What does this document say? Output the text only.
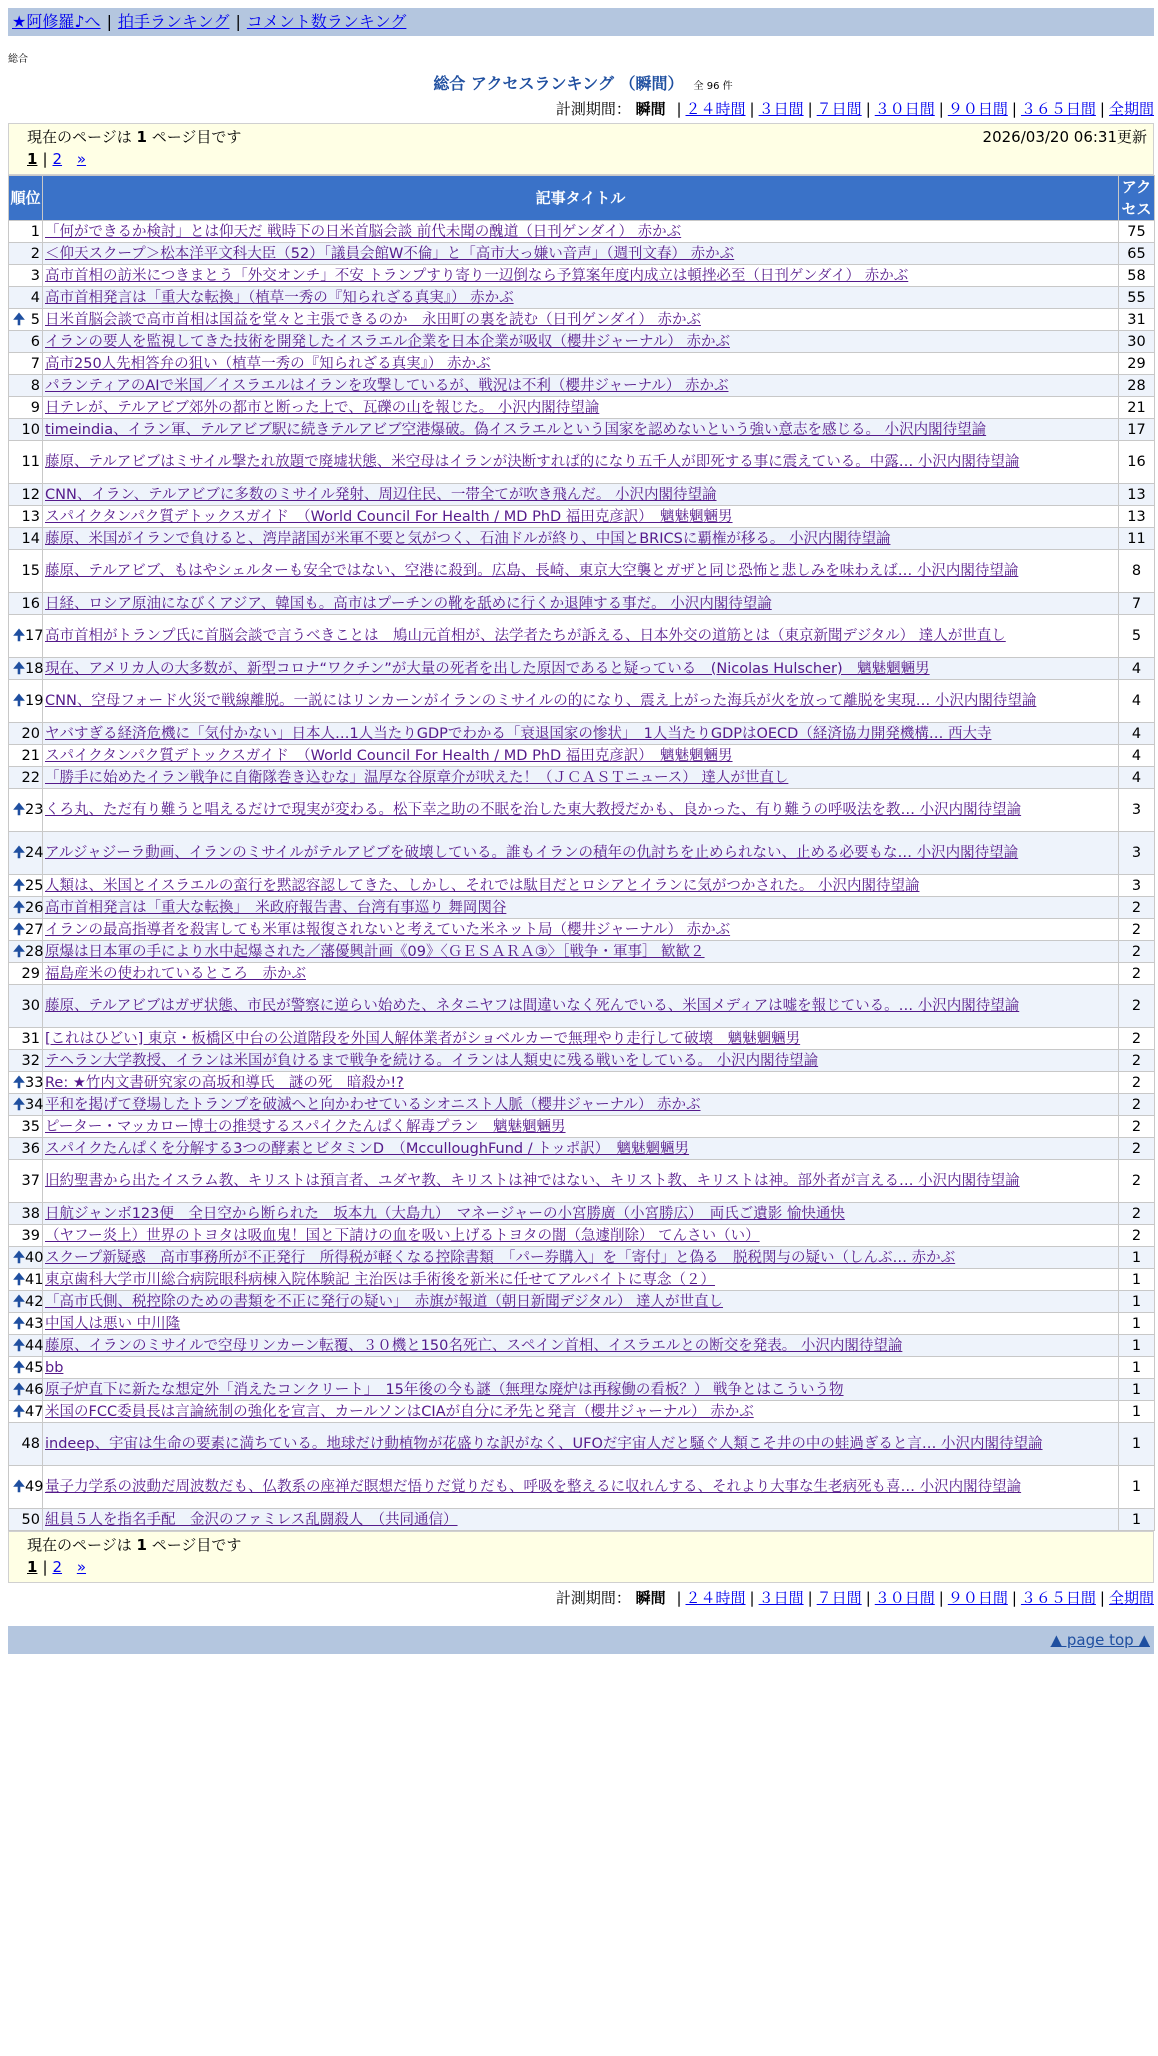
★阿修羅♪へ | 拍手ランキング | コメント数ランキング
総合
総合 アクセスランキング （瞬間） 全 96 件
計測期間： 瞬間 | ２４時間 | ３日間 | ７日間 | ３０日間 | ９０日間 | ３６５日間 | 全期間
現在のページは 1 ページ目です	2026/03/20 06:31更新
1 | 2 »
順位	記事タイトル	アクセス
1	「何ができるか検討」とは仰天だ 戦時下の日米首脳会談 前代未聞の醜道（日刊ゲンダイ） 赤かぶ	75
2	＜仰天スクープ＞松本洋平文科大臣（52）「議員会館W不倫」と「高市大っ嫌い音声」（週刊文春） 赤かぶ	65
3	高市首相の訪米につきまとう「外交オンチ」不安 トランプすり寄り一辺倒なら予算案年度内成立は頓挫必至（日刊ゲンダイ） 赤かぶ	58
4	高市首相発言は「重大な転換」（植草一秀の『知られざる真実』） 赤かぶ	55

🠉 5	日米首脳会談で高市首相は国益を堂々と主張できるのか　永田町の裏を読む（日刊ゲンダイ） 赤かぶ	31
6	イランの要人を監視してきた技術を開発したイスラエル企業を日本企業が吸収（櫻井ジャーナル） 赤かぶ	30
7	高市250人先相答弁の狙い（植草一秀の『知られざる真実』） 赤かぶ	29
8	パランティアのAIで米国／イスラエルはイランを攻撃しているが、戦況は不利（櫻井ジャーナル） 赤かぶ	28
9	日テレが、テルアビブ郊外の都市と断った上で、瓦礫の山を報じた。 小沢内閣待望論	21
10	timeindia、イラン軍、テルアビブ駅に続きテルアビブ空港爆破。偽イスラエルという国家を認めないという強い意志を感じる。 小沢内閣待望論	17
11	藤原、テルアビブはミサイル撃たれ放題で廃墟状態、米空母はイランが決断すれば的になり五千人が即死する事に震えている。中露… 小沢内閣待望論	16
12	CNN、イラン、テルアビブに多数のミサイル発射、周辺住民、一帯全てが吹き飛んだ。 小沢内閣待望論	13
13	スパイクタンパク質デトックスガイド　（World Council For Health / MD PhD 福田克彦訳）　魑魅魍魎男	13
14	藤原、米国がイランで負けると、湾岸諸国が米軍不要と気がつく、石油ドルが終り、中国とBRICSに覇権が移る。 小沢内閣待望論	11
15	藤原、テルアビブ、もはやシェルターも安全ではない、空港に殺到。広島、長崎、東京大空襲とガザと同じ恐怖と悲しみを味わえば… 小沢内閣待望論	8
16	日経、ロシア原油になびくアジア、韓国も。高市はプーチンの靴を舐めに行くか退陣する事だ。 小沢内閣待望論	7

🠉 17	高市首相がトランプ氏に首脳会談で言うべきことは　鳩山元首相が、法学者たちが訴える、日本外交の道筋とは（東京新聞デジタル） 達人が世直し	5

🠉 18	現在、アメリカ人の大多数が、新型コロナ“ワクチン”が大量の死者を出した原因であると疑っている　(Nicolas Hulscher)　魑魅魍魎男	4

🠉 19	CNN、空母フォード火災で戦線離脱。一説にはリンカーンがイランのミサイルの的になり、震え上がった海兵が火を放って離脱を実現… 小沢内閣待望論	4
20	ヤバすぎる経済危機に「気付かない」日本人…1人当たりGDPでわかる「衰退国家の惨状」　1人当たりGDPはOECD（経済協力開発機構… 西大寺	4
21	スパイクタンパク質デトックスガイド　（World Council For Health / MD PhD 福田克彦訳）　魑魅魍魎男	4
22	「勝手に始めたイラン戦争に自衛隊巻き込むな」温厚な谷原章介が吠えた！（ＪＣＡＳＴニュース） 達人が世直し	4

🠉 23	くろ丸、ただ有り難うと唱えるだけで現実が変わる。松下幸之助の不眠を治した東大教授だかも、良かった、有り難うの呼吸法を教… 小沢内閣待望論	3

🠉 24	アルジャジーラ動画、イランのミサイルがテルアビブを破壊している。誰もイランの積年の仇討ちを止められない、止める必要もな… 小沢内閣待望論	3

🠉 25	人類は、米国とイスラエルの蛮行を黙認容認してきた、しかし、それでは駄目だとロシアとイランに気がつかされた。 小沢内閣待望論	3

🠉 26	高市首相発言は「重大な転換」　米政府報告書、台湾有事巡り 舞岡関谷	2

🠉 27	イランの最高指導者を殺害しても米軍は報復されないと考えていた米ネット局（櫻井ジャーナル） 赤かぶ	2

🠉 28	原爆は日本軍の手により水中起爆された／藩優興計画《09》〈ＧＥＳＡＲＡ③〉［戦争・軍事］ 歓歓２	2
29	福島産米の使われているところ　赤かぶ	2
30	藤原、テルアビブはガザ状態、市民が警察に逆らい始めた、ネタニヤフは間違いなく死んでいる、米国メディアは嘘を報じている。… 小沢内閣待望論	2
31	[これはひどい] 東京・板橋区中台の公道階段を外国人解体業者がショベルカーで無理やり走行して破壊　魑魅魍魎男	2
32	テヘラン大学教授、イランは米国が負けるまで戦争を続ける。イランは人類史に残る戦いをしている。 小沢内閣待望論	2

🠉 33	Re: ★竹内文書研究家の高坂和導氏　謎の死　暗殺か!?	2

🠉 34	平和を掲げて登場したトランプを破滅へと向かわせているシオニスト人脈（櫻井ジャーナル） 赤かぶ	2
35	ピーター・マッカロー博士の推奨するスパイクたんぱく解毒プラン　魑魅魍魎男	2
36	スパイクたんぱくを分解する3つの酵素とビタミンD　（McculloughFund / トッポ訳）　魑魅魍魎男	2
37	旧約聖書から出たイスラム教、キリストは預言者、ユダヤ教、キリストは神ではない、キリスト教、キリストは神。部外者が言える… 小沢内閣待望論	2
38	日航ジャンボ123便　全日空から断られた　坂本九（大島九）　マネージャーの小宮勝廣（小宮勝広）　両氏ご遺影 愉快通快	2
39	（ヤフー炎上）世界のトヨタは吸血鬼！国と下請けの血を吸い上げるトヨタの闇（急遽削除） てんさい（い）	2

🠉 40	スクープ新疑惑　高市事務所が不正発行　所得税が軽くなる控除書類　「パー券購入」を「寄付」と偽る　脱税関与の疑い（しんぶ… 赤かぶ	1

🠉 41	東京歯科大学市川総合病院眼科病棟入院体験記 主治医は手術後を新米に任せてアルバイトに専念（２）	1

🠉 42	「高市氏側、税控除のための書類を不正に発行の疑い」　赤旗が報道（朝日新聞デジタル） 達人が世直し	1

🠉 43	中国人は悪い 中川隆	1

🠉 44	藤原、イランのミサイルで空母リンカーン転覆、３０機と150名死亡、スペイン首相、イスラエルとの断交を発表。 小沢内閣待望論	1

🠉 45	bb	1

🠉 46	原子炉直下に新たな想定外「消えたコンクリート」　15年後の今も謎（無理な廃炉は再稼働の看板？） 戦争とはこういう物	1

🠉 47	米国のFCC委員長は言論統制の強化を宣言、カールソンはCIAが自分に矛先と発言（櫻井ジャーナル） 赤かぶ	1
48	indeep、宇宙は生命の要素に満ちている。地球だけ動植物が花盛りな訳がなく、UFOだ宇宙人だと騒ぐ人類こそ井の中の蛙過ぎると言… 小沢内閣待望論	1

🠉 49	量子力学系の波動だ周波数だも、仏教系の座禅だ瞑想だ悟りだ覚りだも、呼吸を整えるに収れんする、それより大事な生老病死も喜… 小沢内閣待望論	1
50	組員５人を指名手配　金沢のファミレス乱闘殺人　（共同通信）	1
現在のページは 1 ページ目です
1 | 2 »
計測期間： 瞬間 | ２４時間 | ３日間 | ７日間 | ３０日間 | ９０日間 | ３６５日間 | 全期間
▲ page top ▲
